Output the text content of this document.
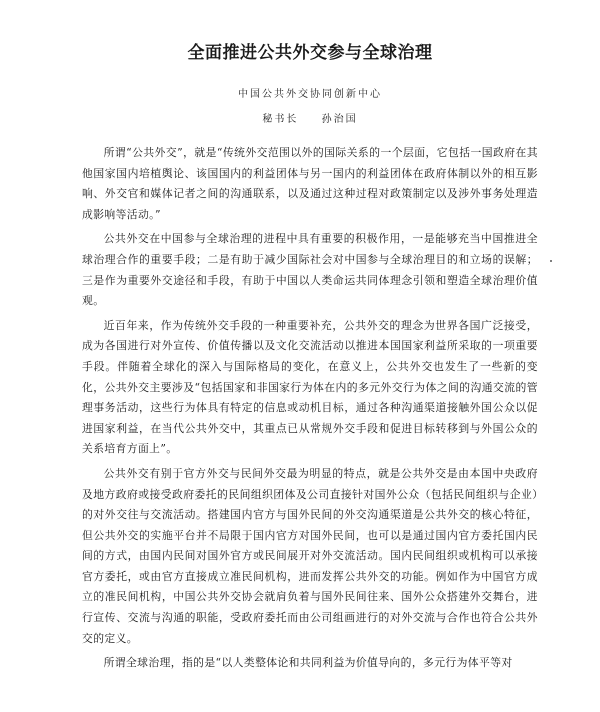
全面推进公共外交参与全球治理
中国公共外交协同创新中心
秘书长 孙治国

所谓“公共外交”，就是“传统外交范围以外的国际关系的一个层面，它包括一国政府在其他国家国内培植舆论、该国国内的利益团体与另一国内的利益团体在政府体制以外的相互影响、外交官和媒体记者之间的沟通联系，以及通过这种过程对政策制定以及涉外事务处理造成影响等活动。”

公共外交在中国参与全球治理的进程中具有重要的积极作用，一是能够充当中国推进全球治理合作的重要手段；二是有助于减少国际社会对中国参与全球治理目的和立场的误解；三是作为重要外交途径和手段，有助于中国以人类命运共同体理念引领和塑造全球治理价值观。

近百年来，作为传统外交手段的一种重要补充，公共外交的理念为世界各国广泛接受，成为各国进行对外宣传、价值传播以及文化交流活动以推进本国国家利益所采取的一项重要手段。伴随着全球化的深入与国际格局的变化，在意义上，公共外交也发生了一些新的变化，公共外交主要涉及“包括国家和非国家行为体在内的多元外交行为体之间的沟通交流的管理事务活动，这些行为体具有特定的信息或动机目标，通过各种沟通渠道接触外国公众以促进国家利益，在当代公共外交中，其重点已从常规外交手段和促进目标转移到与外国公众的关系培育方面上”。

公共外交有别于官方外交与民间外交最为明显的特点，就是公共外交是由本国中央政府及地方政府或接受政府委托的民间组织团体及公司直接针对国外公众（包括民间组织与企业）的对外交往与交流活动。搭建国内官方与国外民间的外交沟通渠道是公共外交的核心特征，但公共外交的实施平台并不局限于国内官方对国外民间，也可以是通过国内官方委托国内民间的方式，由国内民间对国外官方或民间展开对外交流活动。国内民间组织或机构可以承接官方委托，或由官方直接成立准民间机构，进而发挥公共外交的功能。例如作为中国官方成立的准民间机构，中国公共外交协会就肩负着与国外民间往来、国外公众搭建外交舞台，进行宣传、交流与沟通的职能，受政府委托而由公司组画进行的对外交流与合作也符合公共外交的定义。

所谓全球治理，指的是“以人类整体论和共同利益为价值导向的，多元行为体平等对
